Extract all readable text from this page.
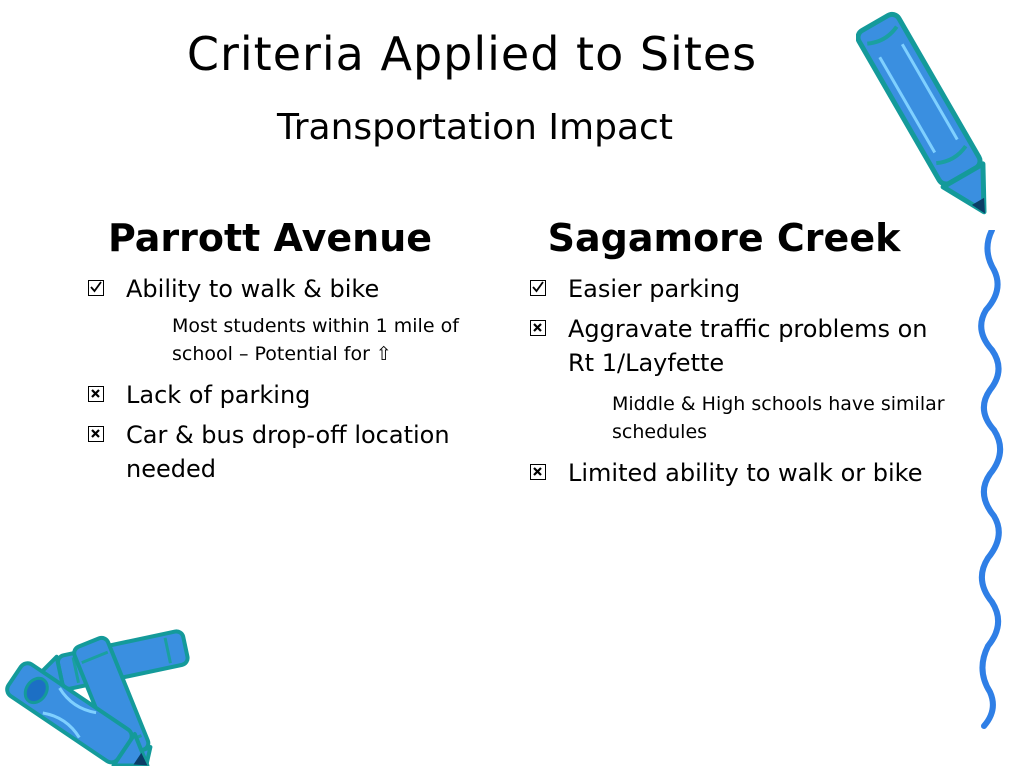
Criteria Applied to Sites
Transportation Impact
Parrott Avenue
Ability to walk & bike
Most students within 1 mile of school – Potential for ⇧
Lack of parking
Car & bus drop-off location needed
Sagamore Creek
Easier parking
Aggravate traffic problems on Rt 1/Layfette
Middle & High schools have similar schedules
Limited ability to walk or bike
